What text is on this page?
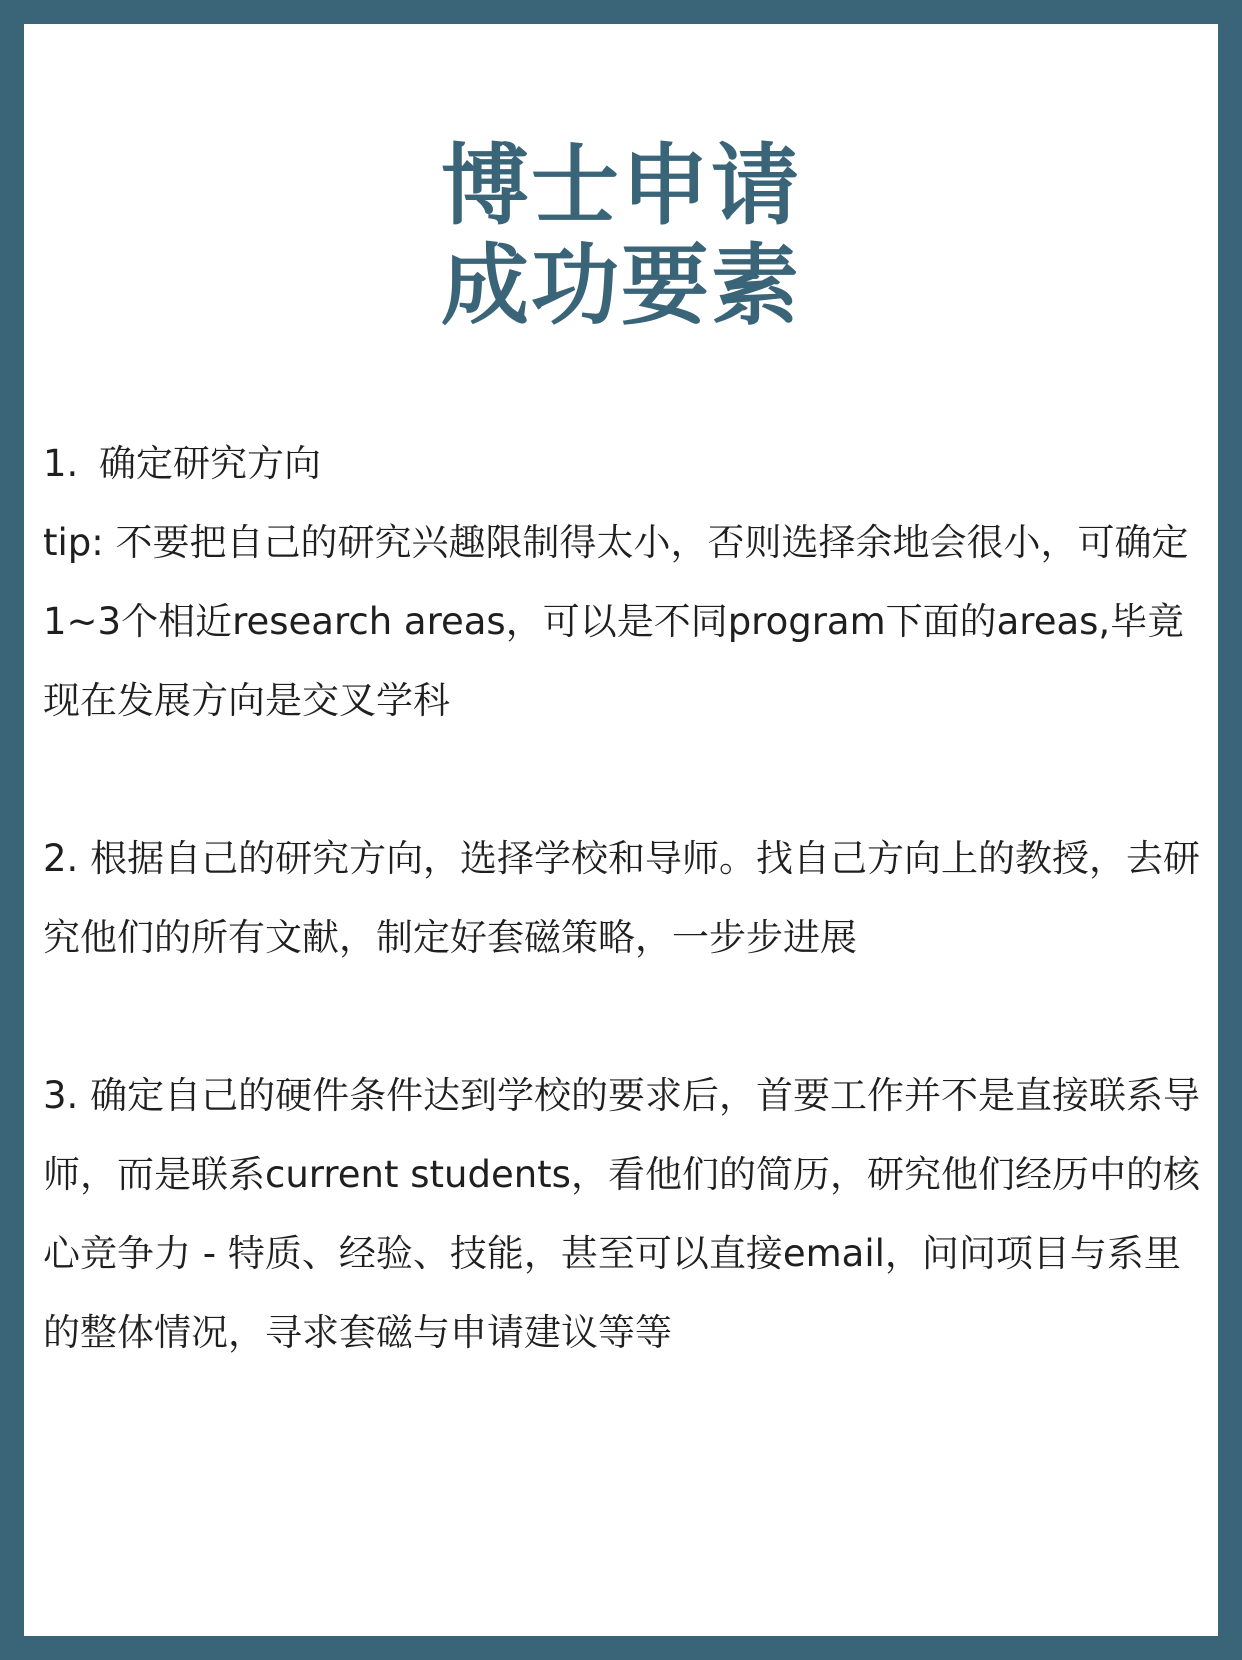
博士申请
成功要素

1. 确定研究方向

tip: 不要把自己的研究兴趣限制得太小，否则选择余地会很小，可确定1~3个相近research areas，可以是不同program下面的areas,毕竟现在发展方向是交叉学科

2. 根据自己的研究方向，选择学校和导师。找自己方向上的教授，去研究他们的所有文献，制定好套磁策略，一步步进展

3. 确定自己的硬件条件达到学校的要求后，首要工作并不是直接联系导师，而是联系current students，看他们的简历，研究他们经历中的核心竞争力 - 特质、经验、技能，甚至可以直接email，问问项目与系里的整体情况，寻求套磁与申请建议等等
